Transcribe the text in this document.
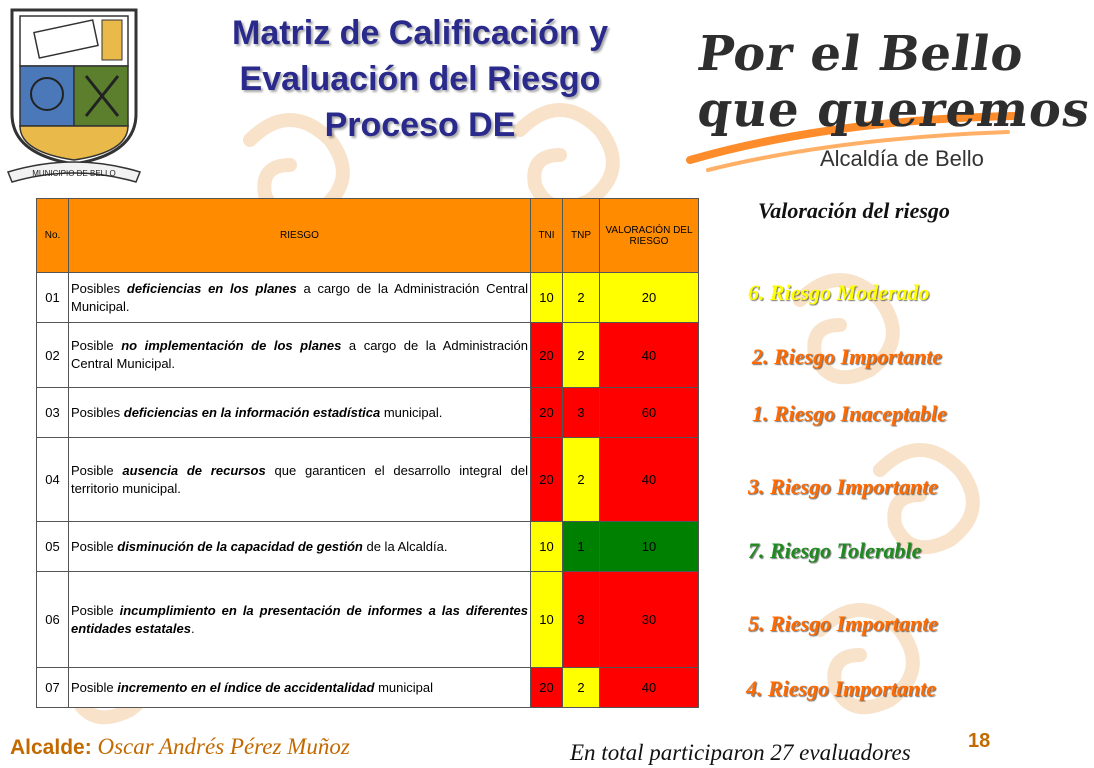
MUNICIPIO DE BELLO
Matriz de Calificación y
Evaluación del Riesgo
Proceso DE
Por el Bello
que queremos
Alcaldía de Bello
No.	RIESGO	TNI	TNP	VALORACIÓN DEL RIESGO
01	Posibles deficiencias en los planes a cargo de la Administración Central Municipal.	10	2	20
02	Posible no implementación de los planes a cargo de la Administración Central Municipal.	20	2	40
03	Posibles deficiencias en la información estadística municipal.	20	3	60
04	Posible ausencia de recursos que garanticen el desarrollo integral del territorio municipal.	20	2	40
05	Posible disminución de la capacidad de gestión de la Alcaldía.	10	1	10
06	Posible incumplimiento en la presentación de informes a las diferentes entidades estatales.	10	3	30
07	Posible incremento en el índice de accidentalidad municipal	20	2	40
Valoración del riesgo
6. Riesgo Moderado
2. Riesgo Importante
1. Riesgo Inaceptable
3. Riesgo Importante
7. Riesgo Tolerable
5. Riesgo Importante
4. Riesgo Importante
Alcalde: Oscar Andrés Pérez Muñoz	En total participaron 27 evaluadores	18
